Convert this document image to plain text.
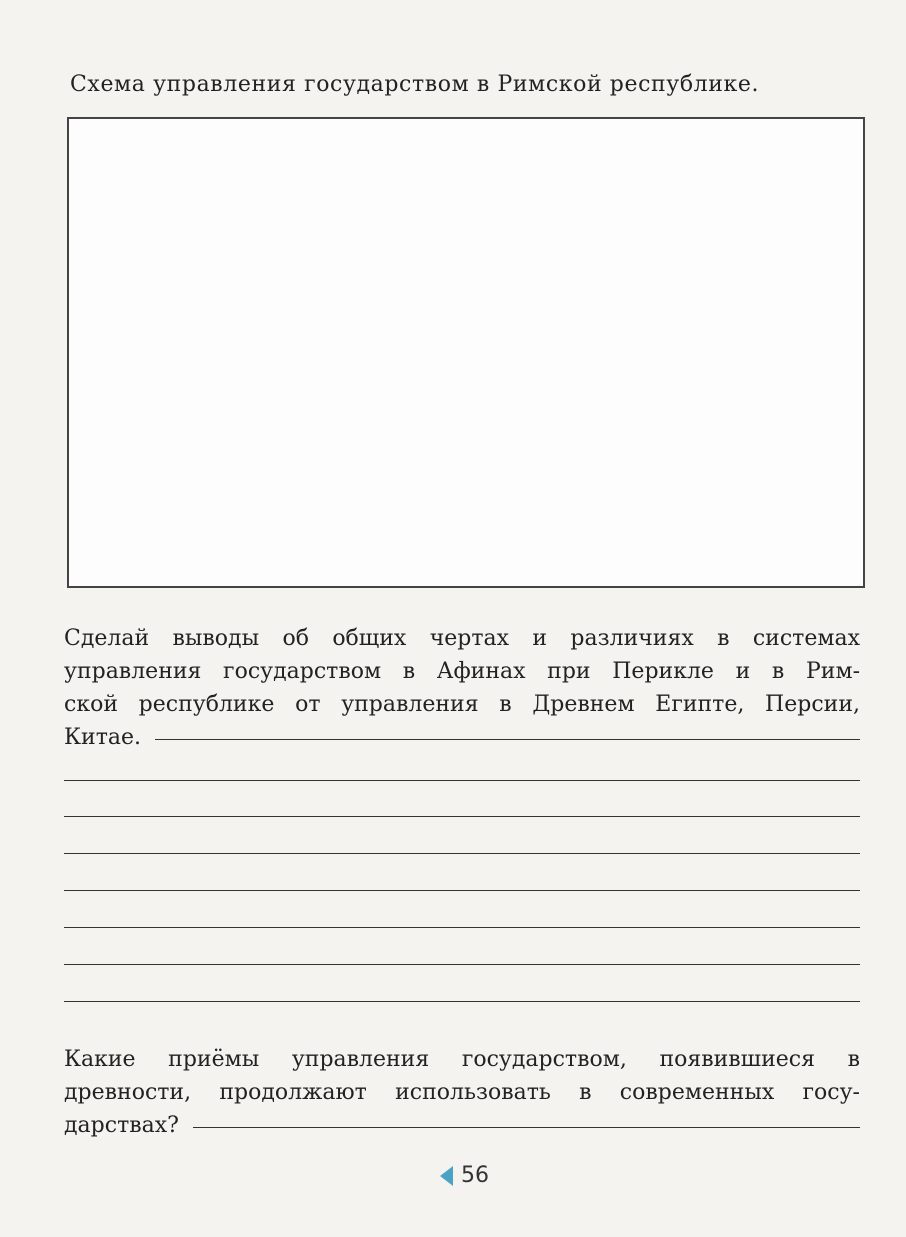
Схема управления государством в Римской республике.
Сделай выводы об общих чертах и различиях в системах
управления государством в Афинах при Перикле и в Рим-
ской республике от управления в Древнем Египте, Персии,
Китае.
Какие приёмы управления государством, появившиеся в
древности, продолжают использовать в современных госу-
дарствах?
56
